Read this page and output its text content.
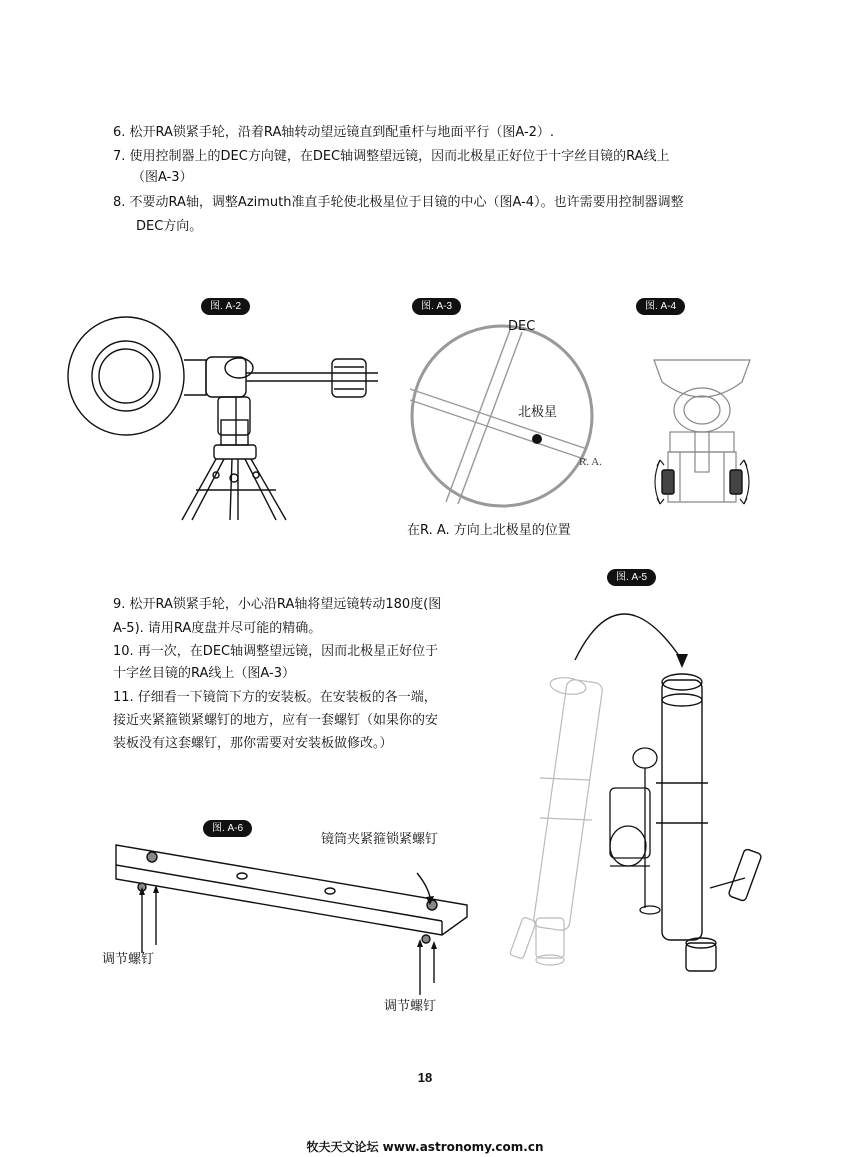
6. 松开RA锁紧手轮，沿着RA轴转动望远镜直到配重杆与地面平行（图A-2）.
7. 使用控制器上的DEC方向键，在DEC轴调整望远镜，因而北极星正好位于十字丝目镜的RA线上
（图A-3）
8. 不要动RA轴，调整Azimuth准直手轮使北极星位于目镜的中心（图A-4）。也许需要用控制器调整
DEC方向。
图. A-2	图. A-3	图. A-4
图. A-5
图. A-6
DEC
北极星
R. A.
在R. A. 方向上北极星的位置
9. 松开RA锁紧手轮，小心沿RA轴将望远镜转动180度(图
A-5). 请用RA度盘并尽可能的精确。
10. 再一次，在DEC轴调整望远镜，因而北极星正好位于
十字丝目镜的RA线上（图A-3）
11. 仔细看一下镜筒下方的安装板。在安装板的各一端，
接近夹紧箍锁紧螺钉的地方，应有一套螺钉（如果你的安
装板没有这套螺钉，那你需要对安装板做修改。）
镜筒夹紧箍锁紧螺钉
调节螺钉
调节螺钉
18
牧夫天文论坛 www.astronomy.com.cn
